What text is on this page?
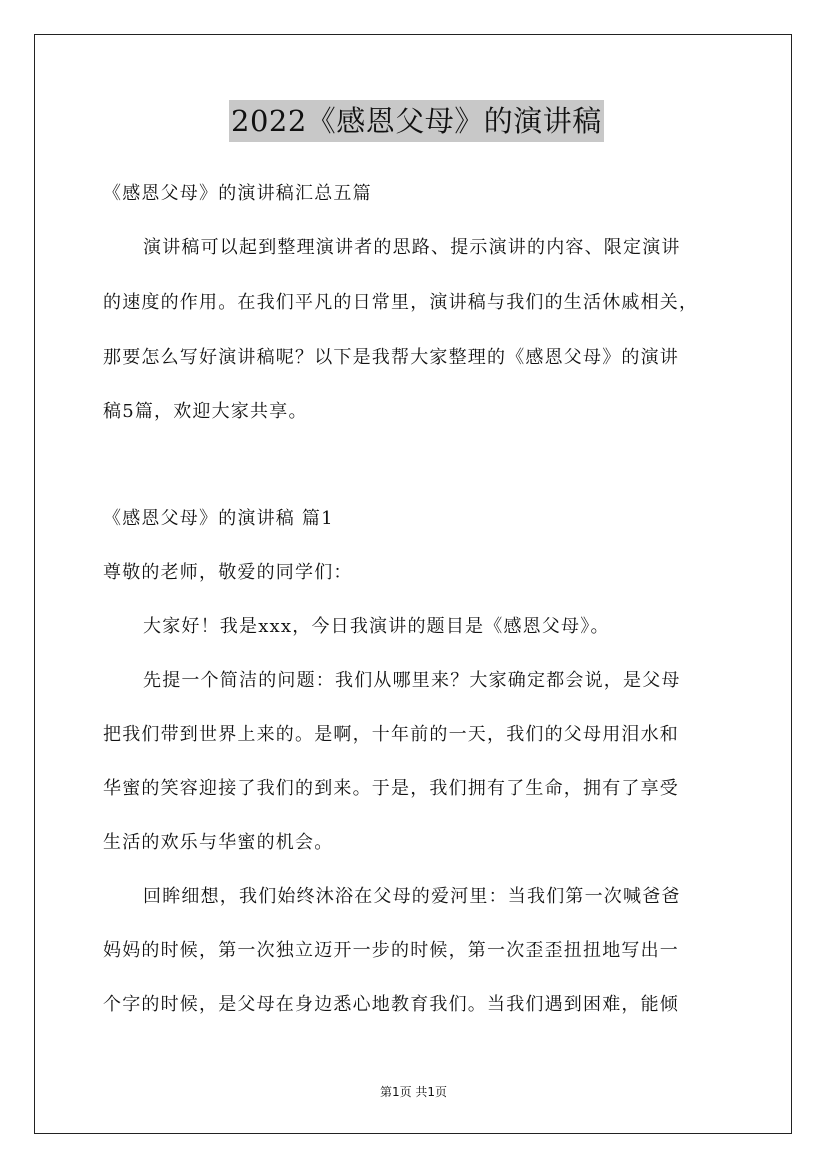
2022《感恩父母》的演讲稿
《感恩父母》的演讲稿汇总五篇
演讲稿可以起到整理演讲者的思路、提示演讲的内容、限定演讲
的速度的作用。在我们平凡的日常里，演讲稿与我们的生活休戚相关，
那要怎么写好演讲稿呢？以下是我帮大家整理的《感恩父母》的演讲
稿5篇，欢迎大家共享。
《感恩父母》的演讲稿 篇1
尊敬的老师，敬爱的同学们：
大家好！我是xxx，今日我演讲的题目是《感恩父母》。
先提一个简洁的问题：我们从哪里来？大家确定都会说，是父母
把我们带到世界上来的。是啊，十年前的一天，我们的父母用泪水和
华蜜的笑容迎接了我们的到来。于是，我们拥有了生命，拥有了享受
生活的欢乐与华蜜的机会。
回眸细想，我们始终沐浴在父母的爱河里：当我们第一次喊爸爸
妈妈的时候，第一次独立迈开一步的时候，第一次歪歪扭扭地写出一
个字的时候，是父母在身边悉心地教育我们。当我们遇到困难，能倾
第1页 共1页
